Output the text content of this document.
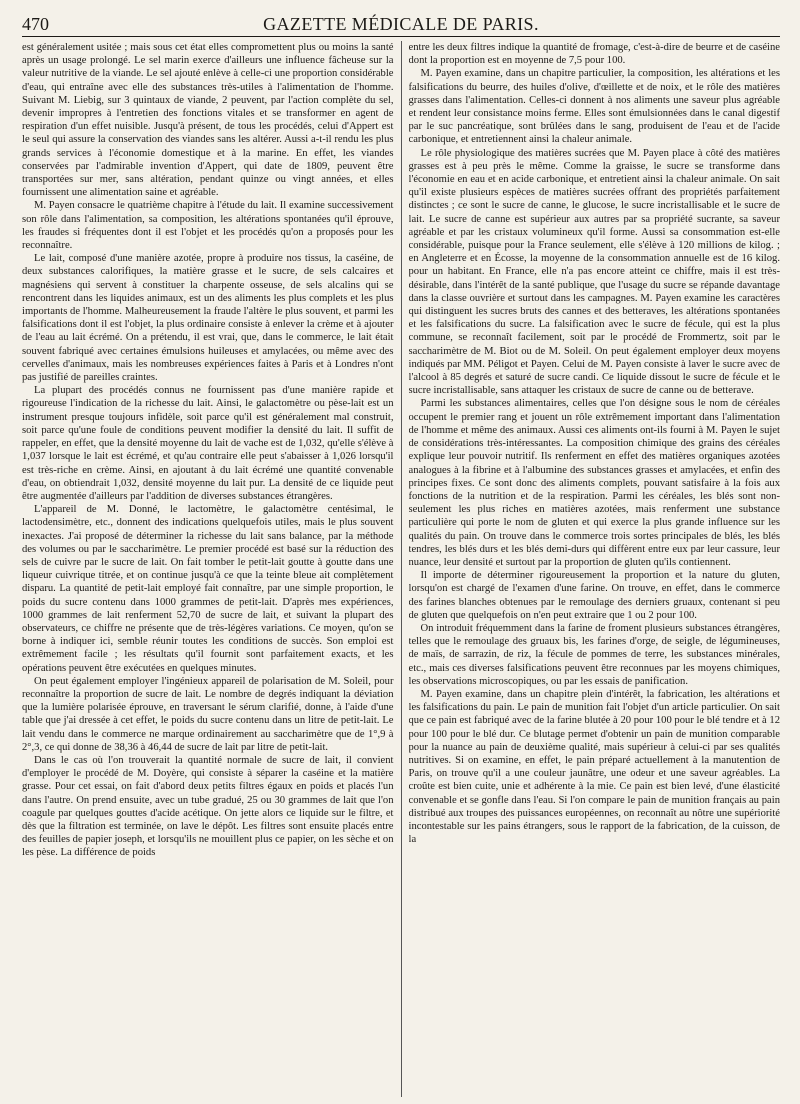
470	GAZETTE MÉDICALE DE PARIS.

est généralement usitée ; mais sous cet état elles compromettent plus ou moins la santé après un usage prolongé. Le sel marin exerce d'ailleurs une influence fâcheuse sur la valeur nutritive de la viande. Le sel ajouté enlève à celle-ci une proportion considérable d'eau, qui entraîne avec elle des substances très-utiles à l'alimentation de l'homme. Suivant M. Liebig, sur 3 quintaux de viande, 2 peuvent, par l'action complète du sel, devenir impropres à l'entretien des fonctions vitales et se transformer en agent de respiration d'un effet nuisible. Jusqu'à présent, de tous les procédés, celui d'Appert est le seul qui assure la conservation des viandes sans les altérer. Aussi a-t-il rendu les plus grands services à l'économie domestique et à la marine. En effet, les viandes conservées par l'admirable invention d'Appert, qui date de 1809, peuvent être transportées sur mer, sans altération, pendant quinze ou vingt années, et elles fournissent une alimentation saine et agréable.

M. Payen consacre le quatrième chapitre à l'étude du lait. Il examine successivement son rôle dans l'alimentation, sa composition, les altérations spontanées qu'il éprouve, les fraudes si fréquentes dont il est l'objet et les procédés qu'on a proposés pour les reconnaître.

Le lait, composé d'une manière azotée, propre à produire nos tissus, la caséine, de deux substances calorifiques, la matière grasse et le sucre, de sels calcaires et magnésiens qui servent à constituer la charpente osseuse, de sels alcalins qui se rencontrent dans les liquides animaux, est un des aliments les plus complets et les plus importants de l'homme. Malheureusement la fraude l'altère le plus souvent, et parmi les falsifications dont il est l'objet, la plus ordinaire consiste à enlever la crème et à ajouter de l'eau au lait écrémé. On a prétendu, il est vrai, que, dans le commerce, le lait était souvent fabriqué avec certaines émulsions huileuses et amylacées, ou même avec des cervelles d'animaux, mais les nombreuses expériences faites à Paris et à Londres n'ont pas justifié de pareilles craintes.

La plupart des procédés connus ne fournissent pas d'une manière rapide et rigoureuse l'indication de la richesse du lait. Ainsi, le galactomètre ou pèse-lait est un instrument presque toujours infidèle, soit parce qu'il est généralement mal construit, soit parce qu'une foule de conditions peuvent modifier la densité du lait. Il suffit de rappeler, en effet, que la densité moyenne du lait de vache est de 1,032, qu'elle s'élève à 1,037 lorsque le lait est écrémé, et qu'au contraire elle peut s'abaisser à 1,026 lorsqu'il est très-riche en crème. Ainsi, en ajoutant à du lait écrémé une quantité convenable d'eau, on obtiendrait 1,032, densité moyenne du lait pur. La densité de ce liquide peut être augmentée d'ailleurs par l'addition de diverses substances étrangères.

L'appareil de M. Donné, le lactomètre, le galactomètre centésimal, le lactodensimètre, etc., donnent des indications quelquefois utiles, mais le plus souvent inexactes. J'ai proposé de déterminer la richesse du lait sans balance, par la méthode des volumes ou par le saccharimètre. Le premier procédé est basé sur la réduction des sels de cuivre par le sucre de lait. On fait tomber le petit-lait goutte à goutte dans une liqueur cuivrique titrée, et on continue jusqu'à ce que la teinte bleue ait complètement disparu. La quantité de petit-lait employé fait connaître, par une simple proportion, le poids du sucre contenu dans 1000 grammes de petit-lait. D'après mes expériences, 1000 grammes de lait renferment 52,70 de sucre de lait, et suivant la plupart des observateurs, ce chiffre ne présente que de très-légères variations. Ce moyen, qu'on se borne à indiquer ici, semble réunir toutes les conditions de succès. Son emploi est extrêmement facile ; les résultats qu'il fournit sont parfaitement exacts, et les opérations peuvent être exécutées en quelques minutes.

On peut également employer l'ingénieux appareil de polarisation de M. Soleil, pour reconnaître la proportion de sucre de lait. Le nombre de degrés indiquant la déviation que la lumière polarisée éprouve, en traversant le sérum clarifié, donne, à l'aide d'une table que j'ai dressée à cet effet, le poids du sucre contenu dans un litre de petit-lait. Le lait vendu dans le commerce ne marque ordinairement au saccharimètre que de 1°,9 à 2°,3, ce qui donne de 38,36 à 46,44 de sucre de lait par litre de petit-lait.

Dans le cas où l'on trouverait la quantité normale de sucre de lait, il convient d'employer le procédé de M. Doyère, qui consiste à séparer la caséine et la matière grasse. Pour cet essai, on fait d'abord deux petits filtres égaux en poids et placés l'un dans l'autre. On prend ensuite, avec un tube gradué, 25 ou 30 grammes de lait que l'on coagule par quelques gouttes d'acide acétique. On jette alors ce liquide sur le filtre, et dès que la filtration est terminée, on lave le dépôt. Les filtres sont ensuite placés entre des feuilles de papier joseph, et lorsqu'ils ne mouillent plus ce papier, on les sèche et on les pèse. La différence de poids

entre les deux filtres indique la quantité de fromage, c'est-à-dire de beurre et de caséine dont la proportion est en moyenne de 7,5 pour 100.

M. Payen examine, dans un chapitre particulier, la composition, les altérations et les falsifications du beurre, des huiles d'olive, d'œillette et de noix, et le rôle des matières grasses dans l'alimentation. Celles-ci donnent à nos aliments une saveur plus agréable et rendent leur consistance moins ferme. Elles sont émulsionnées dans le canal digestif par le suc pancréatique, sont brûlées dans le sang, produisent de l'eau et de l'acide carbonique, et entretiennent ainsi la chaleur animale.

Le rôle physiologique des matières sucrées que M. Payen place à côté des matières grasses est à peu près le même. Comme la graisse, le sucre se transforme dans l'économie en eau et en acide carbonique, et entretient ainsi la chaleur animale. On sait qu'il existe plusieurs espèces de matières sucrées offrant des propriétés parfaitement distinctes ; ce sont le sucre de canne, le glucose, le sucre incristallisable et le sucre de lait. Le sucre de canne est supérieur aux autres par sa propriété sucrante, sa saveur agréable et par les cristaux volumineux qu'il forme. Aussi sa consommation est-elle considérable, puisque pour la France seulement, elle s'élève à 120 millions de kilog. ; en Angleterre et en Écosse, la moyenne de la consommation annuelle est de 16 kilog. pour un habitant. En France, elle n'a pas encore atteint ce chiffre, mais il est très-désirable, dans l'intérêt de la santé publique, que l'usage du sucre se répande davantage dans la classe ouvrière et surtout dans les campagnes. M. Payen examine les caractères qui distinguent les sucres bruts des cannes et des betteraves, les altérations spontanées et les falsifications du sucre. La falsification avec le sucre de fécule, qui est la plus commune, se reconnaît facilement, soit par le procédé de Frommertz, soit par le saccharimètre de M. Biot ou de M. Soleil. On peut également employer deux moyens indiqués par MM. Péligot et Payen. Celui de M. Payen consiste à laver le sucre avec de l'alcool à 85 degrés et saturé de sucre candi. Ce liquide dissout le sucre de fécule et le sucre incristallisable, sans attaquer les cristaux de sucre de canne ou de betterave.

Parmi les substances alimentaires, celles que l'on désigne sous le nom de céréales occupent le premier rang et jouent un rôle extrêmement important dans l'alimentation de l'homme et même des animaux. Aussi ces aliments ont-ils fourni à M. Payen le sujet de considérations très-intéressantes. La composition chimique des grains des céréales explique leur pouvoir nutritif. Ils renferment en effet des matières organiques azotées analogues à la fibrine et à l'albumine des substances grasses et amylacées, et enfin des principes fixes. Ce sont donc des aliments complets, pouvant satisfaire à la fois aux fonctions de la nutrition et de la respiration. Parmi les céréales, les blés sont non-seulement les plus riches en matières azotées, mais renferment une substance particulière qui porte le nom de gluten et qui exerce la plus grande influence sur les qualités du pain. On trouve dans le commerce trois sortes principales de blés, les blés tendres, les blés durs et les blés demi-durs qui diffèrent entre eux par leur cassure, leur nuance, leur densité et surtout par la proportion de gluten qu'ils contiennent.

Il importe de déterminer rigoureusement la proportion et la nature du gluten, lorsqu'on est chargé de l'examen d'une farine. On trouve, en effet, dans le commerce des farines blanches obtenues par le remoulage des derniers gruaux, contenant si peu de gluten que quelquefois on n'en peut extraire que 1 ou 2 pour 100.

On introduit fréquemment dans la farine de froment plusieurs substances étrangères, telles que le remoulage des gruaux bis, les farines d'orge, de seigle, de légumineuses, de maïs, de sarrazin, de riz, la fécule de pommes de terre, les substances minérales, etc., mais ces diverses falsifications peuvent être reconnues par les moyens chimiques, les observations microscopiques, ou par les essais de panification.

M. Payen examine, dans un chapitre plein d'intérêt, la fabrication, les altérations et les falsifications du pain. Le pain de munition fait l'objet d'un article particulier. On sait que ce pain est fabriqué avec de la farine blutée à 20 pour 100 pour le blé tendre et à 12 pour 100 pour le blé dur. Ce blutage permet d'obtenir un pain de munition comparable pour la nuance au pain de deuxième qualité, mais supérieur à celui-ci par ses qualités nutritives. Si on examine, en effet, le pain préparé actuellement à la manutention de Paris, on trouve qu'il a une couleur jaunâtre, une odeur et une saveur agréables. La croûte est bien cuite, unie et adhérente à la mie. Ce pain est bien levé, d'une élasticité convenable et se gonfle dans l'eau. Si l'on compare le pain de munition français au pain distribué aux troupes des puissances européennes, on reconnaît au nôtre une supériorité incontestable sur les pains étrangers, sous le rapport de la fabrication, de la cuisson, de la
